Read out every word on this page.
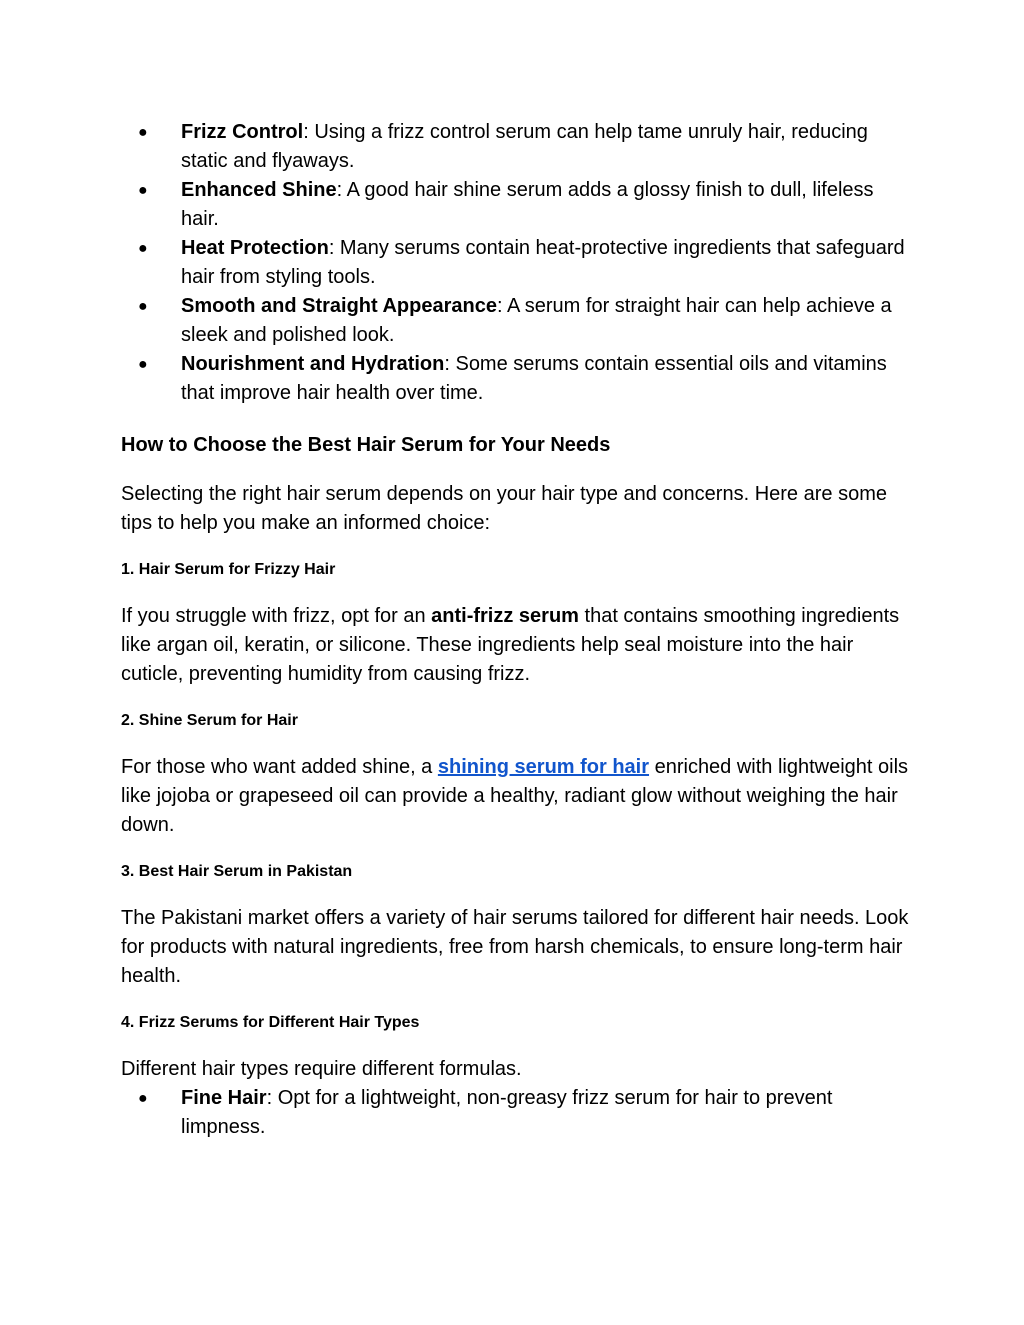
● Frizz Control: Using a frizz control serum can help tame unruly hair, reducing static and flyaways.
● Enhanced Shine: A good hair shine serum adds a glossy finish to dull, lifeless hair.
● Heat Protection: Many serums contain heat-protective ingredients that safeguard hair from styling tools.
● Smooth and Straight Appearance: A serum for straight hair can help achieve a sleek and polished look.
● Nourishment and Hydration: Some serums contain essential oils and vitamins that improve hair health over time.
How to Choose the Best Hair Serum for Your Needs

Selecting the right hair serum depends on your hair type and concerns. Here are some tips to help you make an informed choice:

1. Hair Serum for Frizzy Hair

If you struggle with frizz, opt for an anti-frizz serum that contains smoothing ingredients like argan oil, keratin, or silicone. These ingredients help seal moisture into the hair cuticle, preventing humidity from causing frizz.

2. Shine Serum for Hair

For those who want added shine, a shining serum for hair enriched with lightweight oils like jojoba or grapeseed oil can provide a healthy, radiant glow without weighing the hair down.

3. Best Hair Serum in Pakistan

The Pakistani market offers a variety of hair serums tailored for different hair needs. Look for products with natural ingredients, free from harsh chemicals, to ensure long-term hair health.

4. Frizz Serums for Different Hair Types

Different hair types require different formulas.

● Fine Hair: Opt for a lightweight, non-greasy frizz serum for hair to prevent limpness.
